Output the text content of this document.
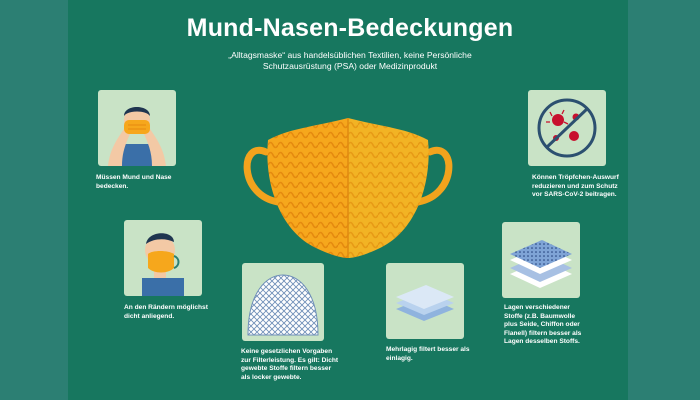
Mund-Nasen-Bedeckungen
„Alltagsmaske“ aus handelsüblichen Textilien, keine Persönliche Schutzausrüstung (PSA) oder Medizinprodukt
Müssen Mund und Nase bedecken.
An den Rändern möglichst dicht anliegend.
Keine gesetzlichen Vorgaben zur Filterleistung. Es gilt: Dicht gewebte Stoffe filtern besser als locker gewebte.
Mehrlagig filtert besser als einlagig.
Können Tröpfchen-Auswurf reduzieren und zum Schutz vor SARS-CoV-2 beitragen.
Lagen verschiedener Stoffe (z.B. Baumwolle plus Seide, Chiffon oder Flanell) filtern besser als Lagen desselben Stoffs.
